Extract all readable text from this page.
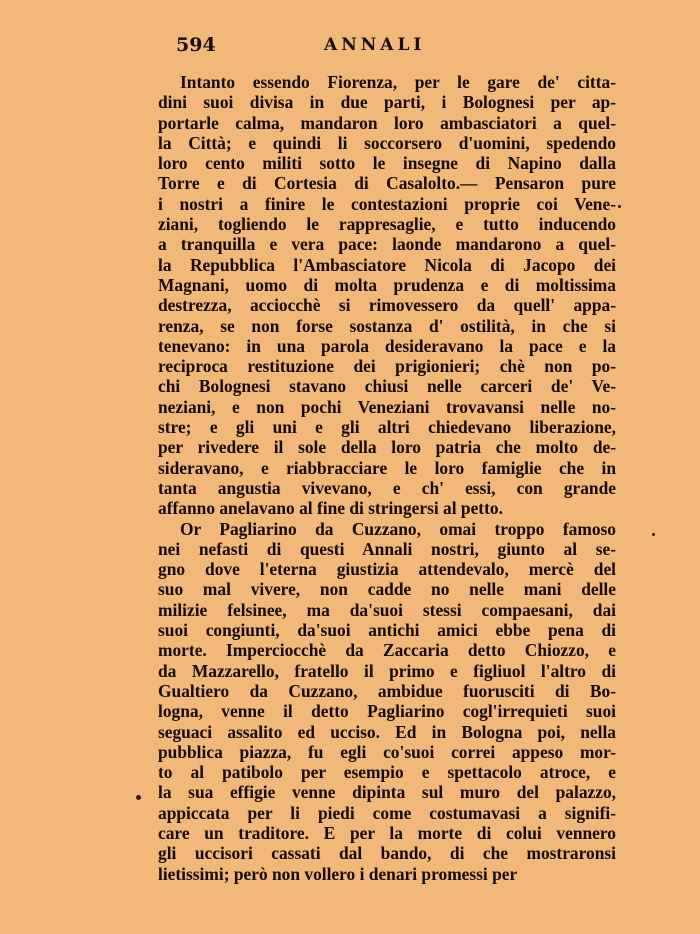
594	ANNALI
Intanto essendo Fiorenza, per le gare de' citta-
dini suoi divisa in due parti, i Bolognesi per ap-
portarle calma, mandaron loro ambasciatori a quel-
la Città; e quindi li soccorsero d'uomini, spedendo
loro cento militi sotto le insegne di Napino dalla
Torre e di Cortesia di Casalolto.— Pensaron pure
i nostri a finire le contestazioni proprie coi Vene-
ziani, togliendo le rappresaglie, e tutto inducendo
a tranquilla e vera pace: laonde mandarono a quel-
la Repubblica l'Ambasciatore Nicola di Jacopo dei
Magnani, uomo di molta prudenza e di moltissima
destrezza, acciocchè si rimovessero da quell' appa-
renza, se non forse sostanza d' ostilità, in che si
tenevano: in una parola desideravano la pace e la
reciproca restituzione dei prigionieri; chè non po-
chi Bolognesi stavano chiusi nelle carceri de' Ve-
neziani, e non pochi Veneziani trovavansi nelle no-
stre; e gli uni e gli altri chiedevano liberazione,
per rivedere il sole della loro patria che molto de-
sideravano, e riabbracciare le loro famiglie che in
tanta angustia vivevano, e ch' essi, con grande
affanno anelavano al fine di stringersi al petto.
Or Pagliarino da Cuzzano, omai troppo famoso
nei nefasti di questi Annali nostri, giunto al se-
gno dove l'eterna giustizia attendevalo, mercè del
suo mal vivere, non cadde no nelle mani delle
milizie felsinee, ma da'suoi stessi compaesani, dai
suoi congiunti, da'suoi antichi amici ebbe pena di
morte. Imperciocchè da Zaccaria detto Chiozzo, e
da Mazzarello, fratello il primo e figliuol l'altro di
Gualtiero da Cuzzano, ambidue fuorusciti di Bo-
logna, venne il detto Pagliarino cogl'irrequieti suoi
seguaci assalito ed ucciso. Ed in Bologna poi, nella
pubblica piazza, fu egli co'suoi correi appeso mor-
to al patibolo per esempio e spettacolo atroce, e
la sua effigie venne dipinta sul muro del palazzo,
appiccata per li piedi come costumavasi a signifi-
care un traditore. E per la morte di colui vennero
gli uccisori cassati dal bando, di che mostraronsi
lietissimi; però non vollero i denari promessi per
